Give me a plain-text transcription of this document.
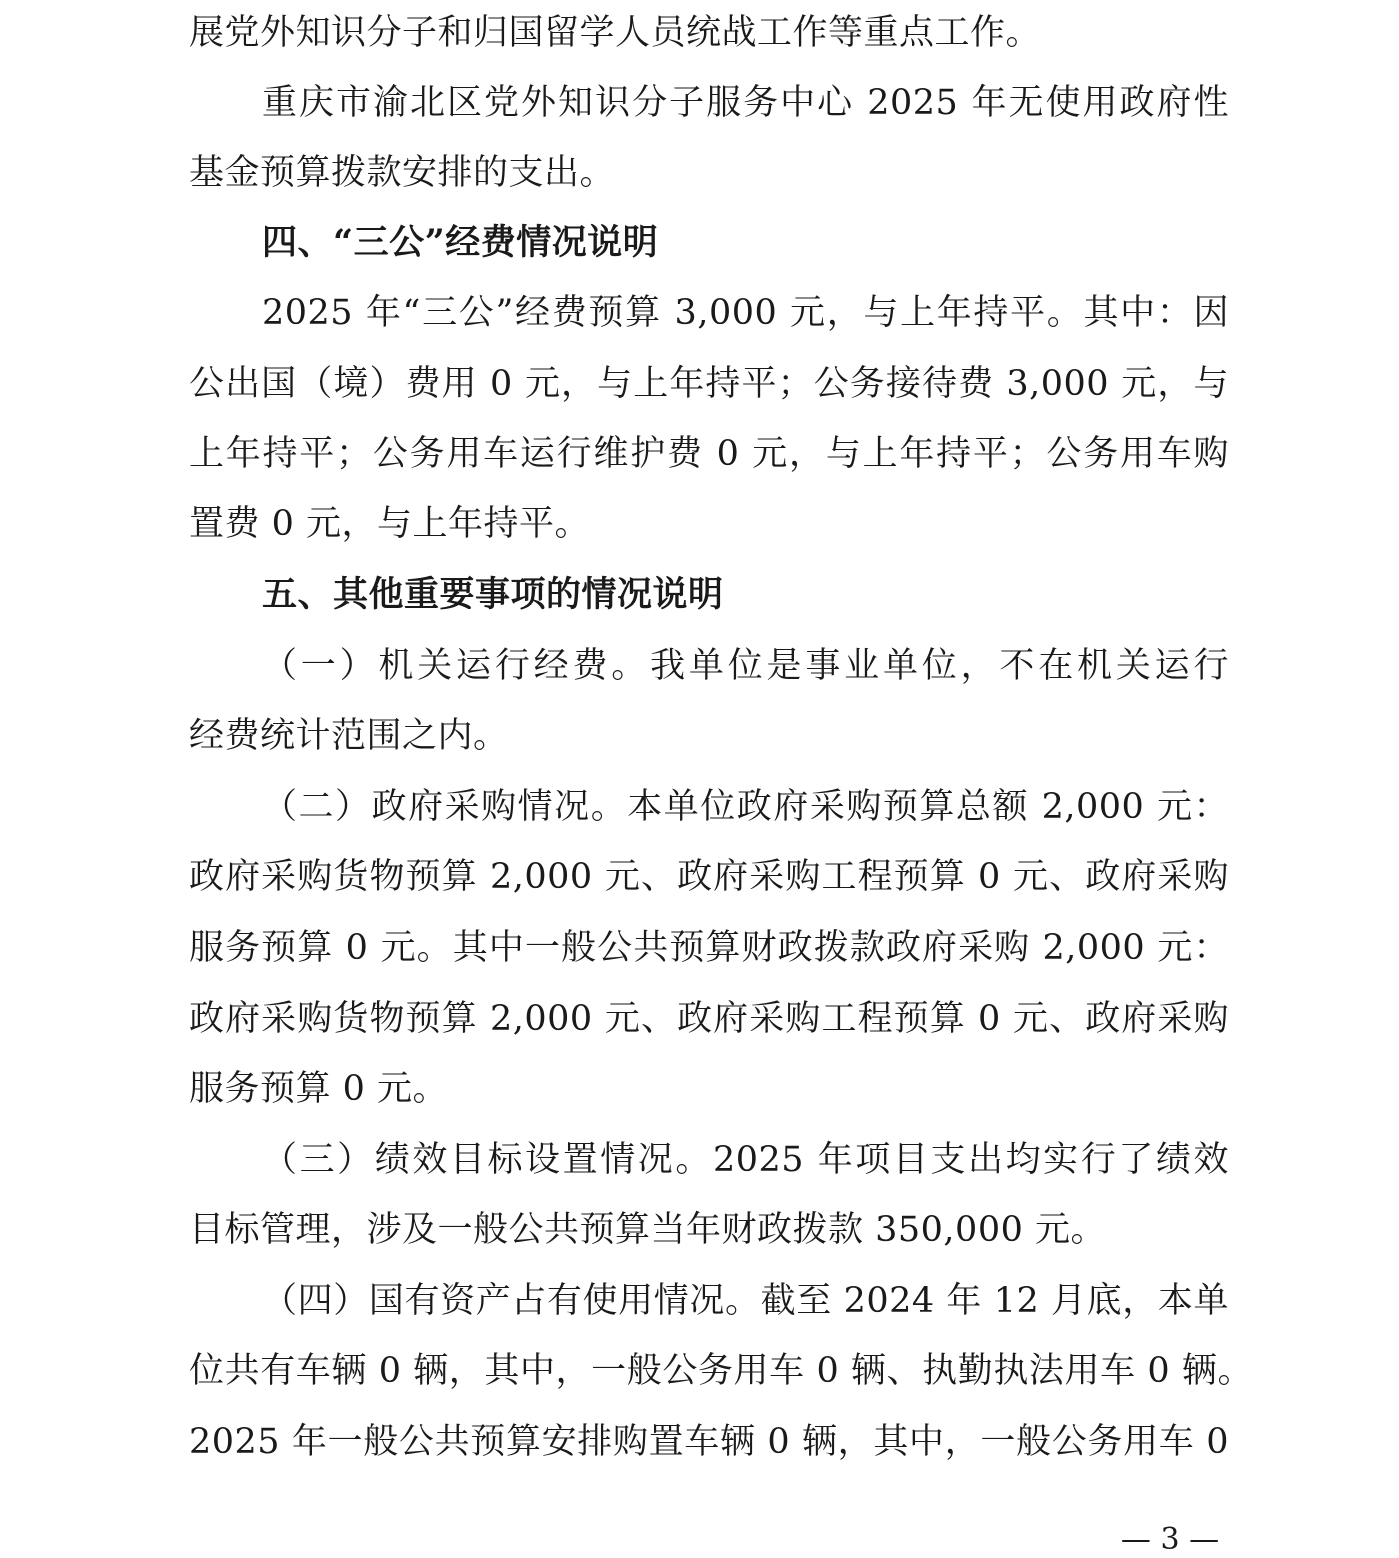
展党外知识分子和归国留学人员统战工作等重点工作。
重庆市渝北区党外知识分子服务中心 2025 年无使用政府性
基金预算拨款安排的支出。
四、“三公”经费情况说明
2025 年“三公”经费预算 3,000 元，与上年持平。其中：因
公出国（境）费用 0 元，与上年持平；公务接待费 3,000 元，与
上年持平；公务用车运行维护费 0 元，与上年持平；公务用车购
置费 0 元，与上年持平。
五、其他重要事项的情况说明
（一）机关运行经费。我单位是事业单位，不在机关运行
经费统计范围之内。
（二）政府采购情况。本单位政府采购预算总额 2,000 元：
政府采购货物预算 2,000 元、政府采购工程预算 0 元、政府采购
服务预算 0 元。其中一般公共预算财政拨款政府采购 2,000 元：
政府采购货物预算 2,000 元、政府采购工程预算 0 元、政府采购
服务预算 0 元。
（三）绩效目标设置情况。2025 年项目支出均实行了绩效
目标管理，涉及一般公共预算当年财政拨款 350,000 元。
（四）国有资产占有使用情况。截至 2024 年 12 月底，本单
位共有车辆 0 辆，其中，一般公务用车 0 辆、执勤执法用车 0 辆。
2025 年一般公共预算安排购置车辆 0 辆，其中，一般公务用车 0
— 3 —
